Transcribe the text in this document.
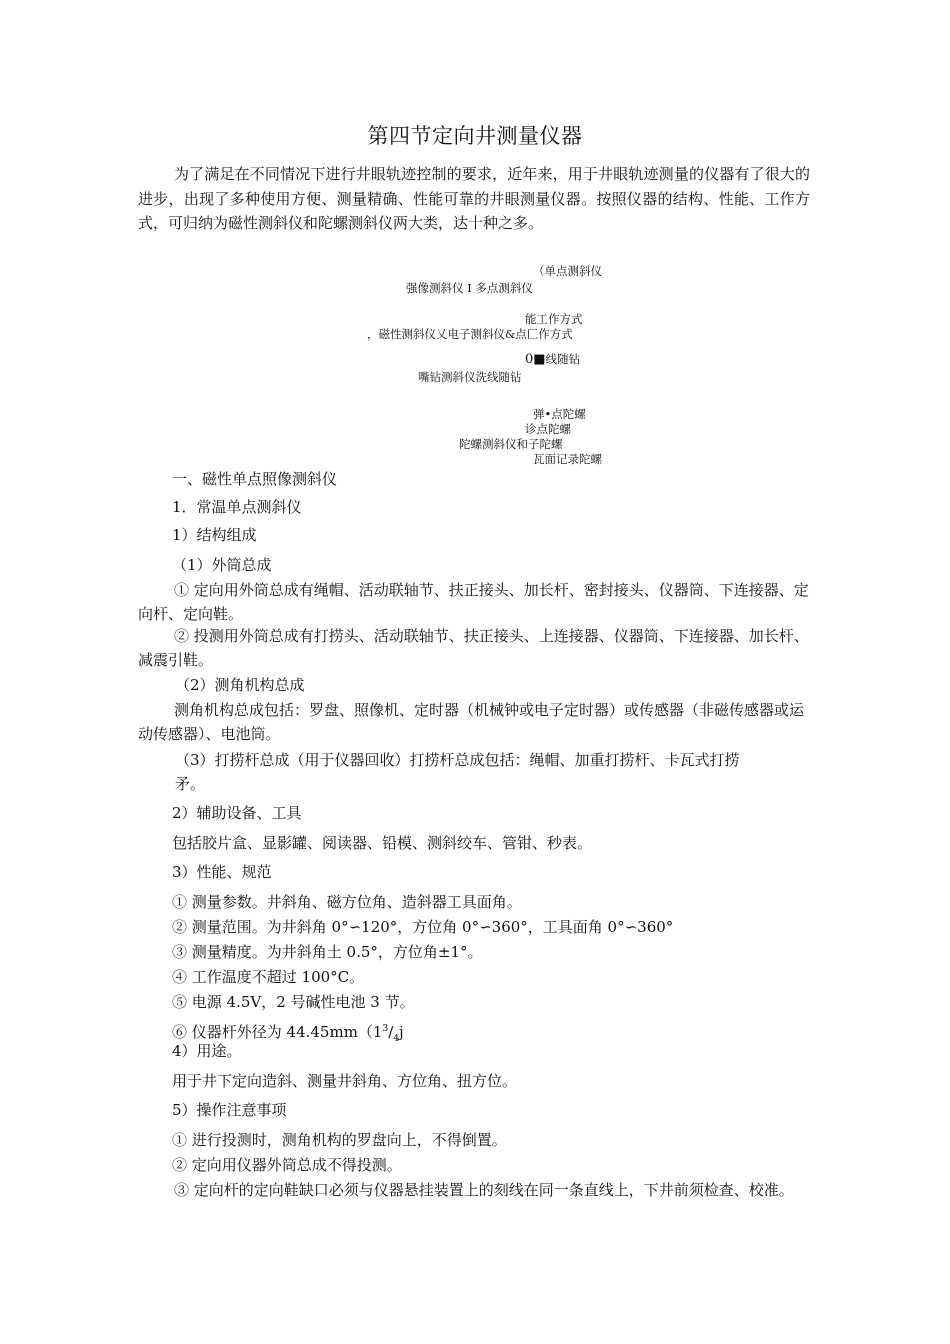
第四节定向井测量仪器
为了满足在不同情况下进行井眼轨迹控制的要求，近年来，用于井眼轨迹测量的仪器有了很大的进步，出现了多种使用方便、测量精确、性能可靠的井眼测量仪器。按照仪器的结构、性能、工作方式，可归纳为磁性测斜仪和陀螺测斜仪两大类，达十种之多。
（单点测斜仪
强像测斜仪 I 多点测斜仪
能工作方式
，磁性测斜仪乂电子测斜仪&点匚作方式
0■线随钻
嘴钻测斜仪洗线随钻
弹•点陀螺
诊点陀螺
陀螺测斜仪和子陀螺
瓦面记录陀螺
一、磁性单点照像测斜仪
1．常温单点测斜仪
1）结构组成
（1）外筒总成
① 定向用外筒总成有绳帽、活动联轴节、扶正接头、加长杆、密封接头、仪器筒、下连接器、定向杆、定向鞋。
② 投测用外筒总成有打捞头、活动联轴节、扶正接头、上连接器、仪器筒、下连接器、加长杆、减震引鞋。
（2）测角机构总成
测角机构总成包括：罗盘、照像机、定时器（机械钟或电子定时器）或传感器（非磁传感器或运动传感器）、电池筒。
（3）打捞杆总成（用于仪器回收）打捞杆总成包括：绳帽、加重打捞杆、卡瓦式打捞
矛。
2）辅助设备、工具
包括胶片盒、显影罐、阅读器、铅模、测斜绞车、管钳、秒表。
3）性能、规范
① 测量参数。井斜角、磁方位角、造斜器工具面角。
② 测量范围。为井斜角 0°∽120°，方位角 0°∽360°，工具面角 0°∽360°
③ 测量精度。为井斜角土 0.5°，方位角±1°。
④ 工作温度不超过 100°C。
⑤ 电源 4.5V，2 号碱性电池 3 节。
⑥ 仪器杆外径为 $44.45mm(1^3/_4j$
4）用途。
用于井下定向造斜、测量井斜角、方位角、扭方位。
5）操作注意事项
① 进行投测时，测角机构的罗盘向上，不得倒置。
② 定向用仪器外筒总成不得投测。
③ 定向杆的定向鞋缺口必须与仪器悬挂装置上的刻线在同一条直线上，下井前须检查、校准。
